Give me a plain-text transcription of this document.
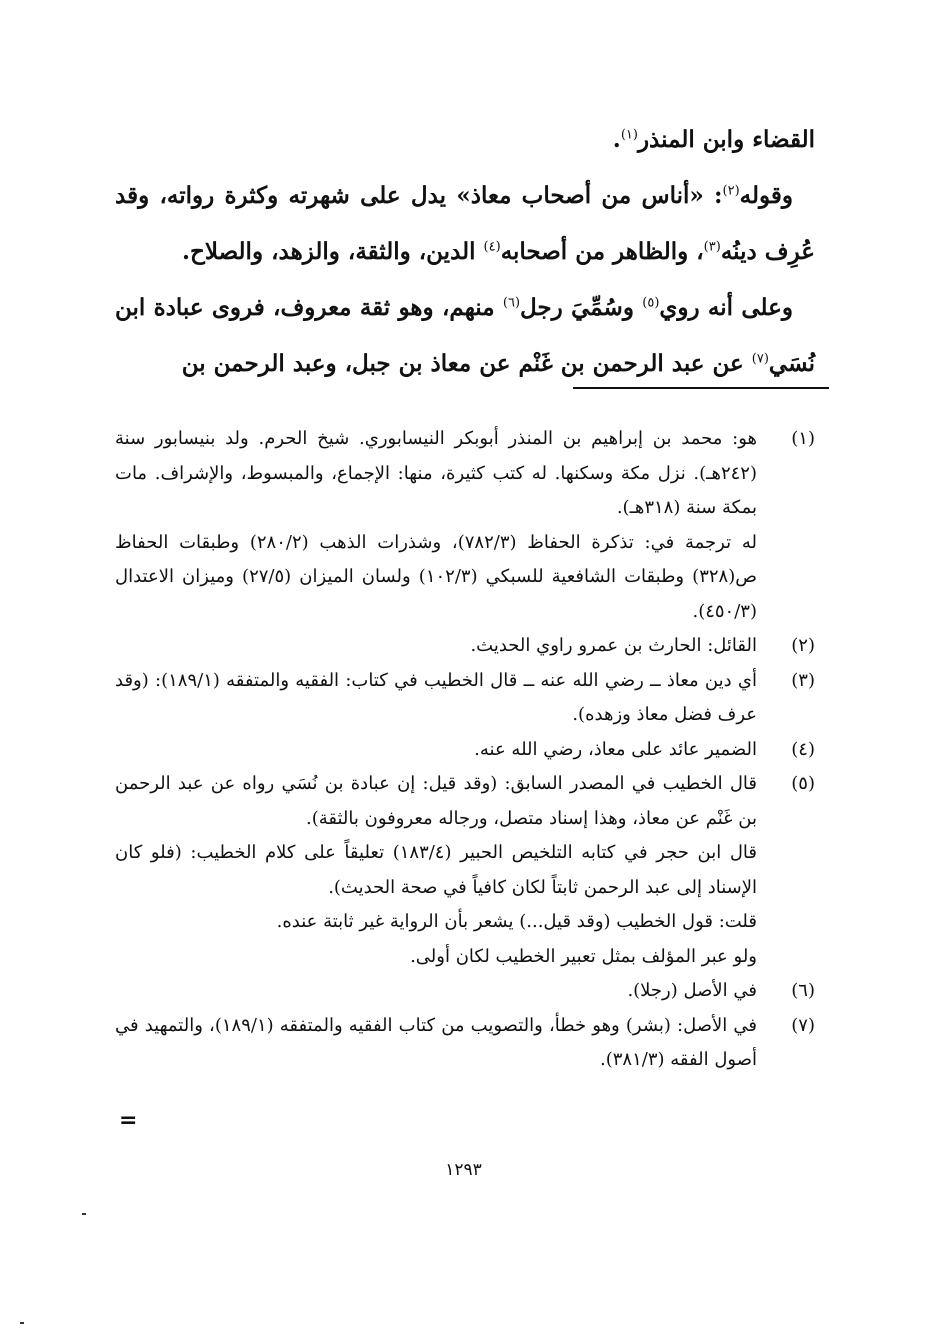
القضاء وابن المنذر$^{(١)}$.

وقوله$^{(٢)}$: «أناس من أصحاب معاذ» يدل على شهرته وكثرة رواته، وقد عُرِف دينُه$^{(٣)}$، والظاهر من أصحابه$^{(٤)}$ الدين، والثقة، والزهد، والصلاح.

وعلى أنه روي$^{(٥)}$ وسُمِّيَ رجل$^{(٦)}$ منهم، وهو ثقة معروف، فروى عبادة ابن نُسَي$^{(٧)}$ عن عبد الرحمن بن غَنْم عن معاذ بن جبل، وعبد الرحمن بن

(١)

هو: محمد بن إبراهيم بن المنذر أبوبكر النيسابوري. شيخ الحرم. ولد بنيسابور سنة (٢٤٢هـ). نزل مكة وسكنها. له كتب كثيرة، منها: الإجماع، والمبسوط، والإشراف. مات بمكة سنة (٣١٨هـ).

له ترجمة في: تذكرة الحفاظ (٧٨٢/٣)، وشذرات الذهب (٢٨٠/٢) وطبقات الحفاظ ص(٣٢٨) وطبقات الشافعية للسبكي (١٠٢/٣) ولسان الميزان (٢٧/٥) وميزان الاعتدال (٤٥٠/٣).

(٢)

القائل: الحارث بن عمرو راوي الحديث.

(٣)

أي دين معاذ ــ رضي الله عنه ــ قال الخطيب في كتاب: الفقيه والمتفقه (١٨٩/١): (وقد عرف فضل معاذ وزهده).

(٤)

الضمير عائد على معاذ، رضي الله عنه.

(٥)

قال الخطيب في المصدر السابق: (وقد قيل: إن عبادة بن نُسَي رواه عن عبد الرحمن بن غَنْم عن معاذ، وهذا إسناد متصل، ورجاله معروفون بالثقة).

قال ابن حجر في كتابه التلخيص الحبير (١٨٣/٤) تعليقاً على كلام الخطيب: (فلو كان الإسناد إلى عبد الرحمن ثابتاً لكان كافياً في صحة الحديث).

قلت: قول الخطيب (وقد قيل...) يشعر بأن الرواية غير ثابتة عنده.

ولو عبر المؤلف بمثل تعبير الخطيب لكان أولى.

(٦)

في الأصل (رجلا).

(٧)

في الأصل: (بشر) وهو خطأ، والتصويب من كتاب الفقيه والمتفقه (١٨٩/١)، والتمهيد في أصول الفقه (٣٨١/٣).

=
١٢٩٣
